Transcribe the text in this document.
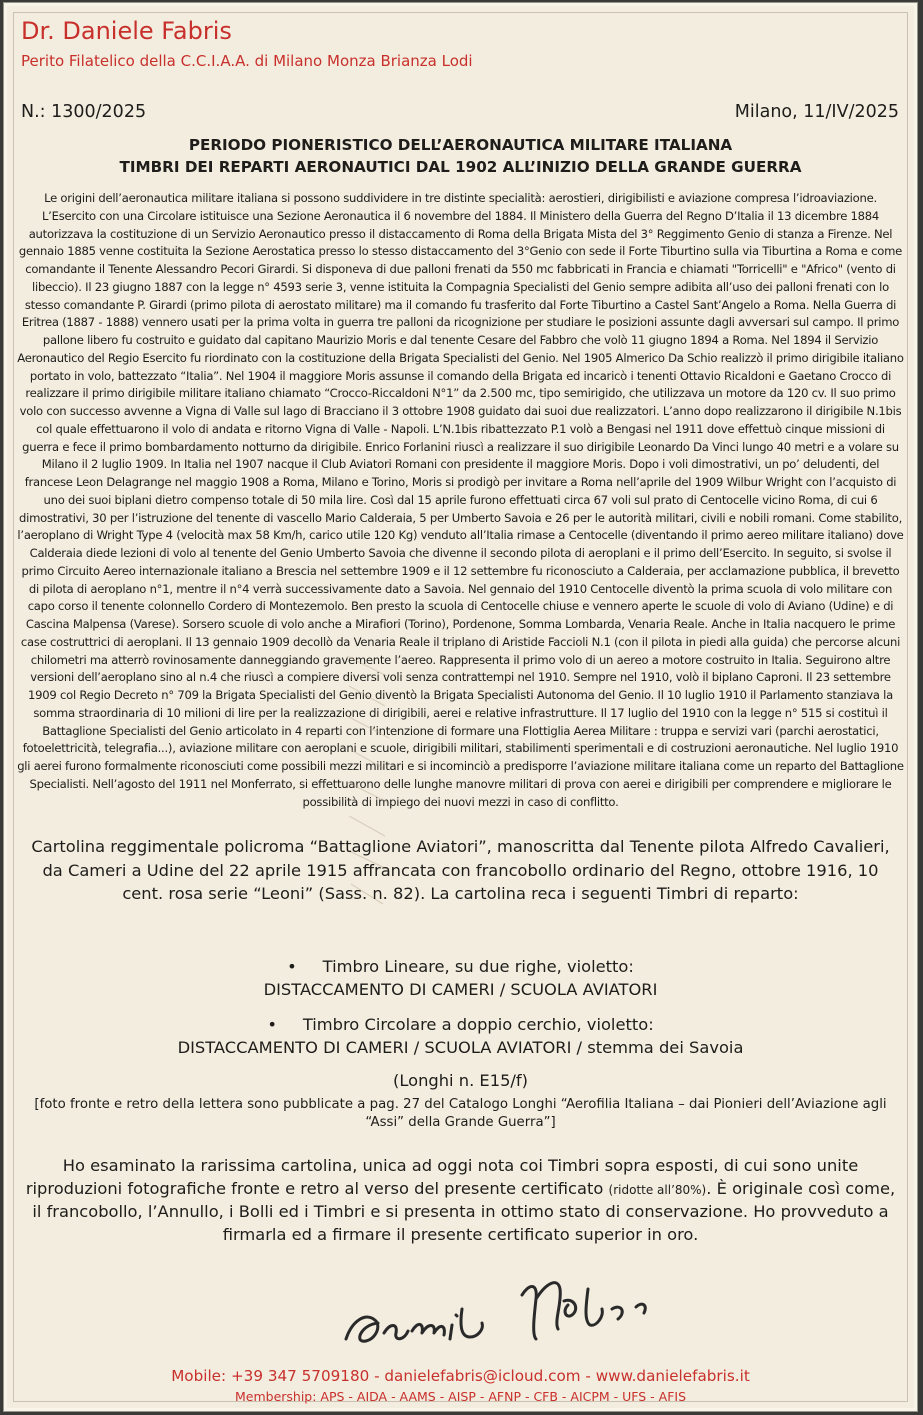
Dr. Daniele Fabris
Perito Filatelico della C.C.I.A.A. di Milano Monza Brianza Lodi
N.: 1300/2025	Milano, 11/IV/2025
PERIODO PIONERISTICO DELL’AERONAUTICA MILITARE ITALIANA
TIMBRI DEI REPARTI AERONAUTICI DAL 1902 ALL’INIZIO DELLA GRANDE GUERRA
Le origini dell’aeronautica militare italiana si possono suddividere in tre distinte specialità: aerostieri, dirigibilisti e aviazione compresa l’idroaviazione. L’Esercito con una Circolare istituisce una Sezione Aeronautica il 6 novembre del 1884. Il Ministero della Guerra del Regno D’Italia il 13 dicembre 1884 autorizzava la costituzione di un Servizio Aeronautico presso il distaccamento di Roma della Brigata Mista del 3° Reggimento Genio di stanza a Firenze. Nel gennaio 1885 venne costituita la Sezione Aerostatica presso lo stesso distaccamento del 3°Genio con sede il Forte Tiburtino sulla via Tiburtina a Roma e come comandante il Tenente Alessandro Pecori Girardi. Si disponeva di due palloni frenati da 550 mc fabbricati in Francia e chiamati "Torricelli" e "Africo" (vento di libeccio). Il 23 giugno 1887 con la legge n° 4593 serie 3, venne istituita la Compagnia Specialisti del Genio sempre adibita all’uso dei palloni frenati con lo stesso comandante P. Girardi (primo pilota di aerostato militare) ma il comando fu trasferito dal Forte Tiburtino a Castel Sant’Angelo a Roma. Nella Guerra di Eritrea (1887 - 1888) vennero usati per la prima volta in guerra tre palloni da ricognizione per studiare le posizioni assunte dagli avversari sul campo. Il primo pallone libero fu costruito e guidato dal capitano Maurizio Moris e dal tenente Cesare del Fabbro che volò 11 giugno 1894 a Roma. Nel 1894 il Servizio Aeronautico del Regio Esercito fu riordinato con la costituzione della Brigata Specialisti del Genio. Nel 1905 Almerico Da Schio realizzò il primo dirigibile italiano portato in volo, battezzato “Italia”. Nel 1904 il maggiore Moris assunse il comando della Brigata ed incaricò i tenenti Ottavio Ricaldoni e Gaetano Crocco di realizzare il primo dirigibile militare italiano chiamato “Crocco-Riccaldoni N°1” da 2.500 mc, tipo semirigido, che utilizzava un motore da 120 cv. Il suo primo volo con successo avvenne a Vigna di Valle sul lago di Bracciano il 3 ottobre 1908 guidato dai suoi due realizzatori. L’anno dopo realizzarono il dirigibile N.1bis col quale effettuarono il volo di andata e ritorno Vigna di Valle - Napoli. L’N.1bis ribattezzato P.1 volò a Bengasi nel 1911 dove effettuò cinque missioni di guerra e fece il primo bombardamento notturno da dirigibile. Enrico Forlanini riuscì a realizzare il suo dirigibile Leonardo Da Vinci lungo 40 metri e a volare su Milano il 2 luglio 1909. In Italia nel 1907 nacque il Club Aviatori Romani con presidente il maggiore Moris. Dopo i voli dimostrativi, un po’ deludenti, del francese Leon Delagrange nel maggio 1908 a Roma, Milano e Torino, Moris si prodigò per invitare a Roma nell’aprile del 1909 Wilbur Wright con l’acquisto di uno dei suoi biplani dietro compenso totale di 50 mila lire. Così dal 15 aprile furono effettuati circa 67 voli sul prato di Centocelle vicino Roma, di cui 6 dimostrativi, 30 per l’istruzione del tenente di vascello Mario Calderaia, 5 per Umberto Savoia e 26 per le autorità militari, civili e nobili romani. Come stabilito, l’aeroplano di Wright Type 4 (velocità max 58 Km/h, carico utile 120 Kg) venduto all’Italia rimase a Centocelle (diventando il primo aereo militare italiano) dove Calderaia diede lezioni di volo al tenente del Genio Umberto Savoia che divenne il secondo pilota di aeroplani e il primo dell’Esercito. In seguito, si svolse il primo Circuito Aereo internazionale italiano a Brescia nel settembre 1909 e il 12 settembre fu riconosciuto a Calderaia, per acclamazione pubblica, il brevetto di pilota di aeroplano n°1, mentre il n°4 verrà successivamente dato a Savoia. Nel gennaio del 1910 Centocelle diventò la prima scuola di volo militare con capo corso il tenente colonnello Cordero di Montezemolo. Ben presto la scuola di Centocelle chiuse e vennero aperte le scuole di volo di Aviano (Udine) e di Cascina Malpensa (Varese). Sorsero scuole di volo anche a Mirafiori (Torino), Pordenone, Somma Lombarda, Venaria Reale. Anche in Italia nacquero le prime case costruttrici di aeroplani. Il 13 gennaio 1909 decollò da Venaria Reale il triplano di Aristide Faccioli N.1 (con il pilota in piedi alla guida) che percorse alcuni chilometri ma atterrò rovinosamente danneggiando gravemente l’aereo. Rappresenta il primo volo di un aereo a motore costruito in Italia. Seguirono altre versioni dell’aeroplano sino al n.4 che riuscì a compiere diversi voli senza contrattempi nel 1910. Sempre nel 1910, volò il biplano Caproni. Il 23 settembre 1909 col Regio Decreto n° 709 la Brigata Specialisti del Genio diventò la Brigata Specialisti Autonoma del Genio. Il 10 luglio 1910 il Parlamento stanziava la somma straordinaria di 10 milioni di lire per la realizzazione di dirigibili, aerei e relative infrastrutture. Il 17 luglio del 1910 con la legge n° 515 si costituì il Battaglione Specialisti del Genio articolato in 4 reparti con l’intenzione di formare una Flottiglia Aerea Militare : truppa e servizi vari (parchi aerostatici, fotoelettricità, telegrafia...), aviazione militare con aeroplani e scuole, dirigibili militari, stabilimenti sperimentali e di costruzioni aeronautiche. Nel luglio 1910 gli aerei furono formalmente riconosciuti come possibili mezzi militari e si incominciò a predisporre l’aviazione militare italiana come un reparto del Battaglione Specialisti. Nell’agosto del 1911 nel Monferrato, si effettuarono delle lunghe manovre militari di prova con aerei e dirigibili per comprendere e migliorare le possibilità di impiego dei nuovi mezzi in caso di conflitto.
Cartolina reggimentale policroma “Battaglione Aviatori”, manoscritta dal Tenente pilota Alfredo Cavalieri, da Cameri a Udine del 22 aprile 1915 affrancata con francobollo ordinario del Regno, ottobre 1916, 10 cent. rosa serie “Leoni” (Sass. n. 82). La cartolina reca i seguenti Timbri di reparto:
• Timbro Lineare, su due righe, violetto:
DISTACCAMENTO DI CAMERI / SCUOLA AVIATORI
• Timbro Circolare a doppio cerchio, violetto:
DISTACCAMENTO DI CAMERI / SCUOLA AVIATORI / stemma dei Savoia
(Longhi n. E15/f)
[foto fronte e retro della lettera sono pubblicate a pag. 27 del Catalogo Longhi “Aerofilia Italiana – dai Pionieri dell’Aviazione agli “Assi” della Grande Guerra”]
Ho esaminato la rarissima cartolina, unica ad oggi nota coi Timbri sopra esposti, di cui sono unite riproduzioni fotografiche fronte e retro al verso del presente certificato (ridotte all’80%). È originale così come, il francobollo, l’Annullo, i Bolli ed i Timbri e si presenta in ottimo stato di conservazione. Ho provveduto a firmarla ed a firmare il presente certificato superior in oro.
Mobile: +39 347 5709180 - danielefabris@icloud.com - www.danielefabris.it
Membership: APS - AIDA - AAMS - AISP - AFNP - CFB - AICPM - UFS - AFIS
